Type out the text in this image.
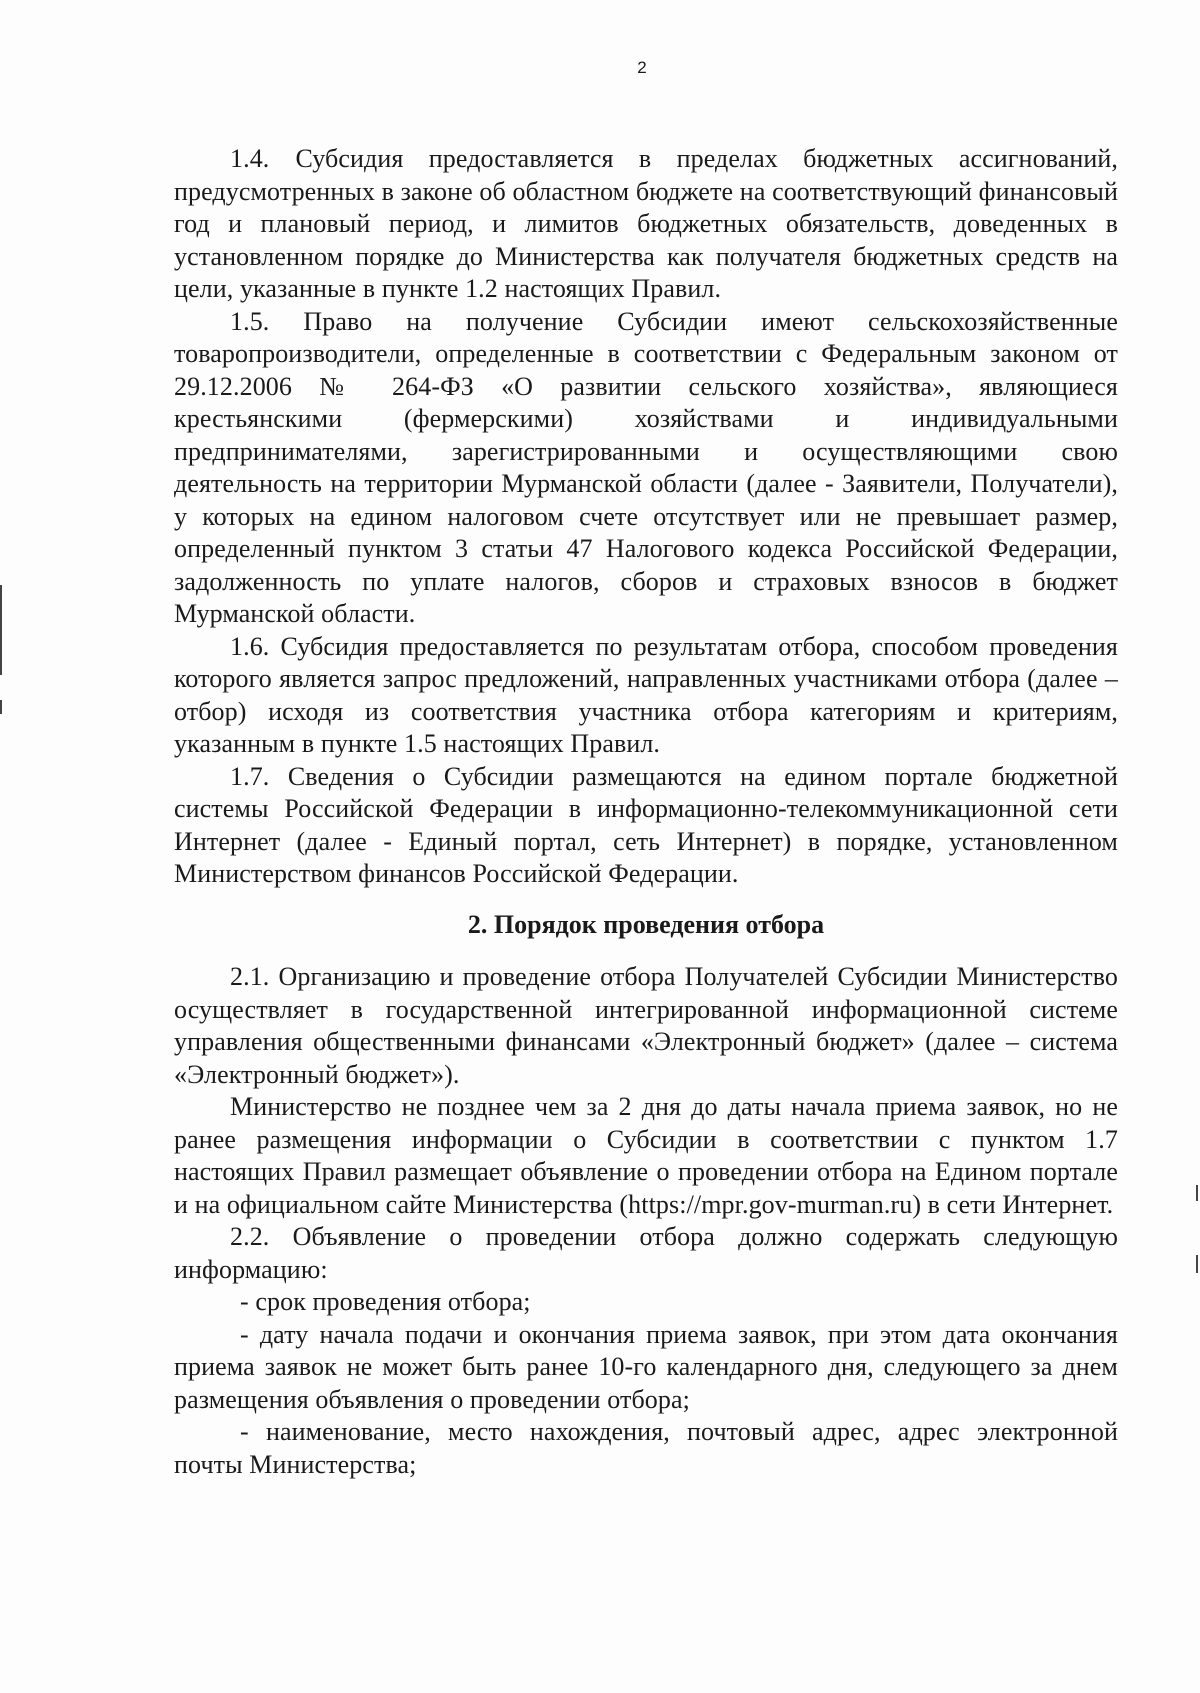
2

1.4. Субсидия предоставляется в пределах бюджетных ассигнований, предусмотренных в законе об областном бюджете на соответствующий финансовый год и плановый период, и лимитов бюджетных обязательств, доведенных в установленном порядке до Министерства как получателя бюджетных средств на цели, указанные в пункте 1.2 настоящих Правил.

1.5. Право на получение Субсидии имеют сельскохозяйственные товаропроизводители, определенные в соответствии с Федеральным законом от 29.12.2006 № 264-ФЗ «О развитии сельского хозяйства», являющиеся крестьянскими (фермерскими) хозяйствами и индивидуальными предпринимателями, зарегистрированными и осуществляющими свою деятельность на территории Мурманской области (далее - Заявители, Получатели), у которых на едином налоговом счете отсутствует или не превышает размер, определенный пунктом 3 статьи 47 Налогового кодекса Российской Федерации, задолженность по уплате налогов, сборов и страховых взносов в бюджет Мурманской области.

1.6. Субсидия предоставляется по результатам отбора, способом проведения которого является запрос предложений, направленных участниками отбора (далее – отбор) исходя из соответствия участника отбора категориям и критериям, указанным в пункте 1.5 настоящих Правил.

1.7. Сведения о Субсидии размещаются на едином портале бюджетной системы Российской Федерации в информационно-телекоммуникационной сети Интернет (далее - Единый портал, сеть Интернет) в порядке, установленном Министерством финансов Российской Федерации.

2. Порядок проведения отбора

2.1. Организацию и проведение отбора Получателей Субсидии Министерство осуществляет в государственной интегрированной информационной системе управления общественными финансами «Электронный бюджет» (далее – система «Электронный бюджет»).

Министерство не позднее чем за 2 дня до даты начала приема заявок, но не ранее размещения информации о Субсидии в соответствии с пунктом 1.7 настоящих Правил размещает объявление о проведении отбора на Едином портале и на официальном сайте Министерства (https://mpr.gov-murman.ru) в сети Интернет.

2.2. Объявление о проведении отбора должно содержать следующую информацию:

- срок проведения отбора;

- дату начала подачи и окончания приема заявок, при этом дата окончания приема заявок не может быть ранее 10-го календарного дня, следующего за днем размещения объявления о проведении отбора;

- наименование, место нахождения, почтовый адрес, адрес электронной почты Министерства;
